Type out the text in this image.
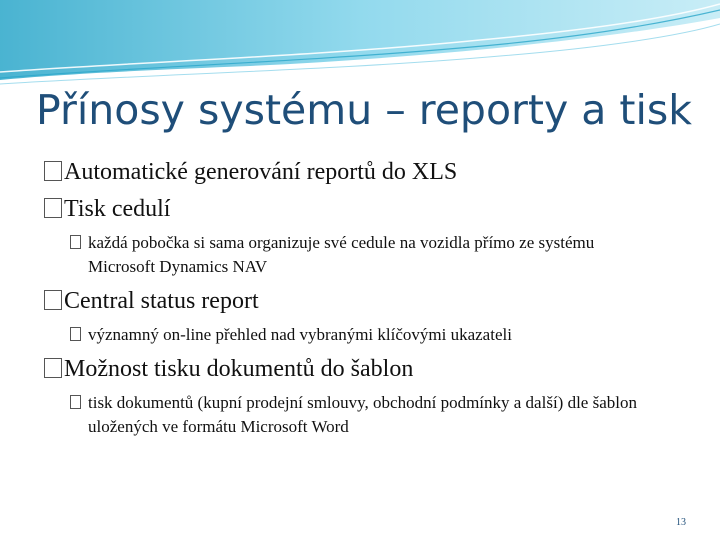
Přínosy systému – reporty a tisk
Automatické generování reportů do XLS
Tisk cedulí
každá pobočka si sama organizuje své cedule na vozidla přímo ze systému Microsoft Dynamics NAV
Central status report
významný on-line přehled nad vybranými klíčovými ukazateli
Možnost tisku dokumentů do šablon
tisk dokumentů (kupní prodejní smlouvy, obchodní podmínky a další) dle šablon uložených ve formátu Microsoft Word
13
